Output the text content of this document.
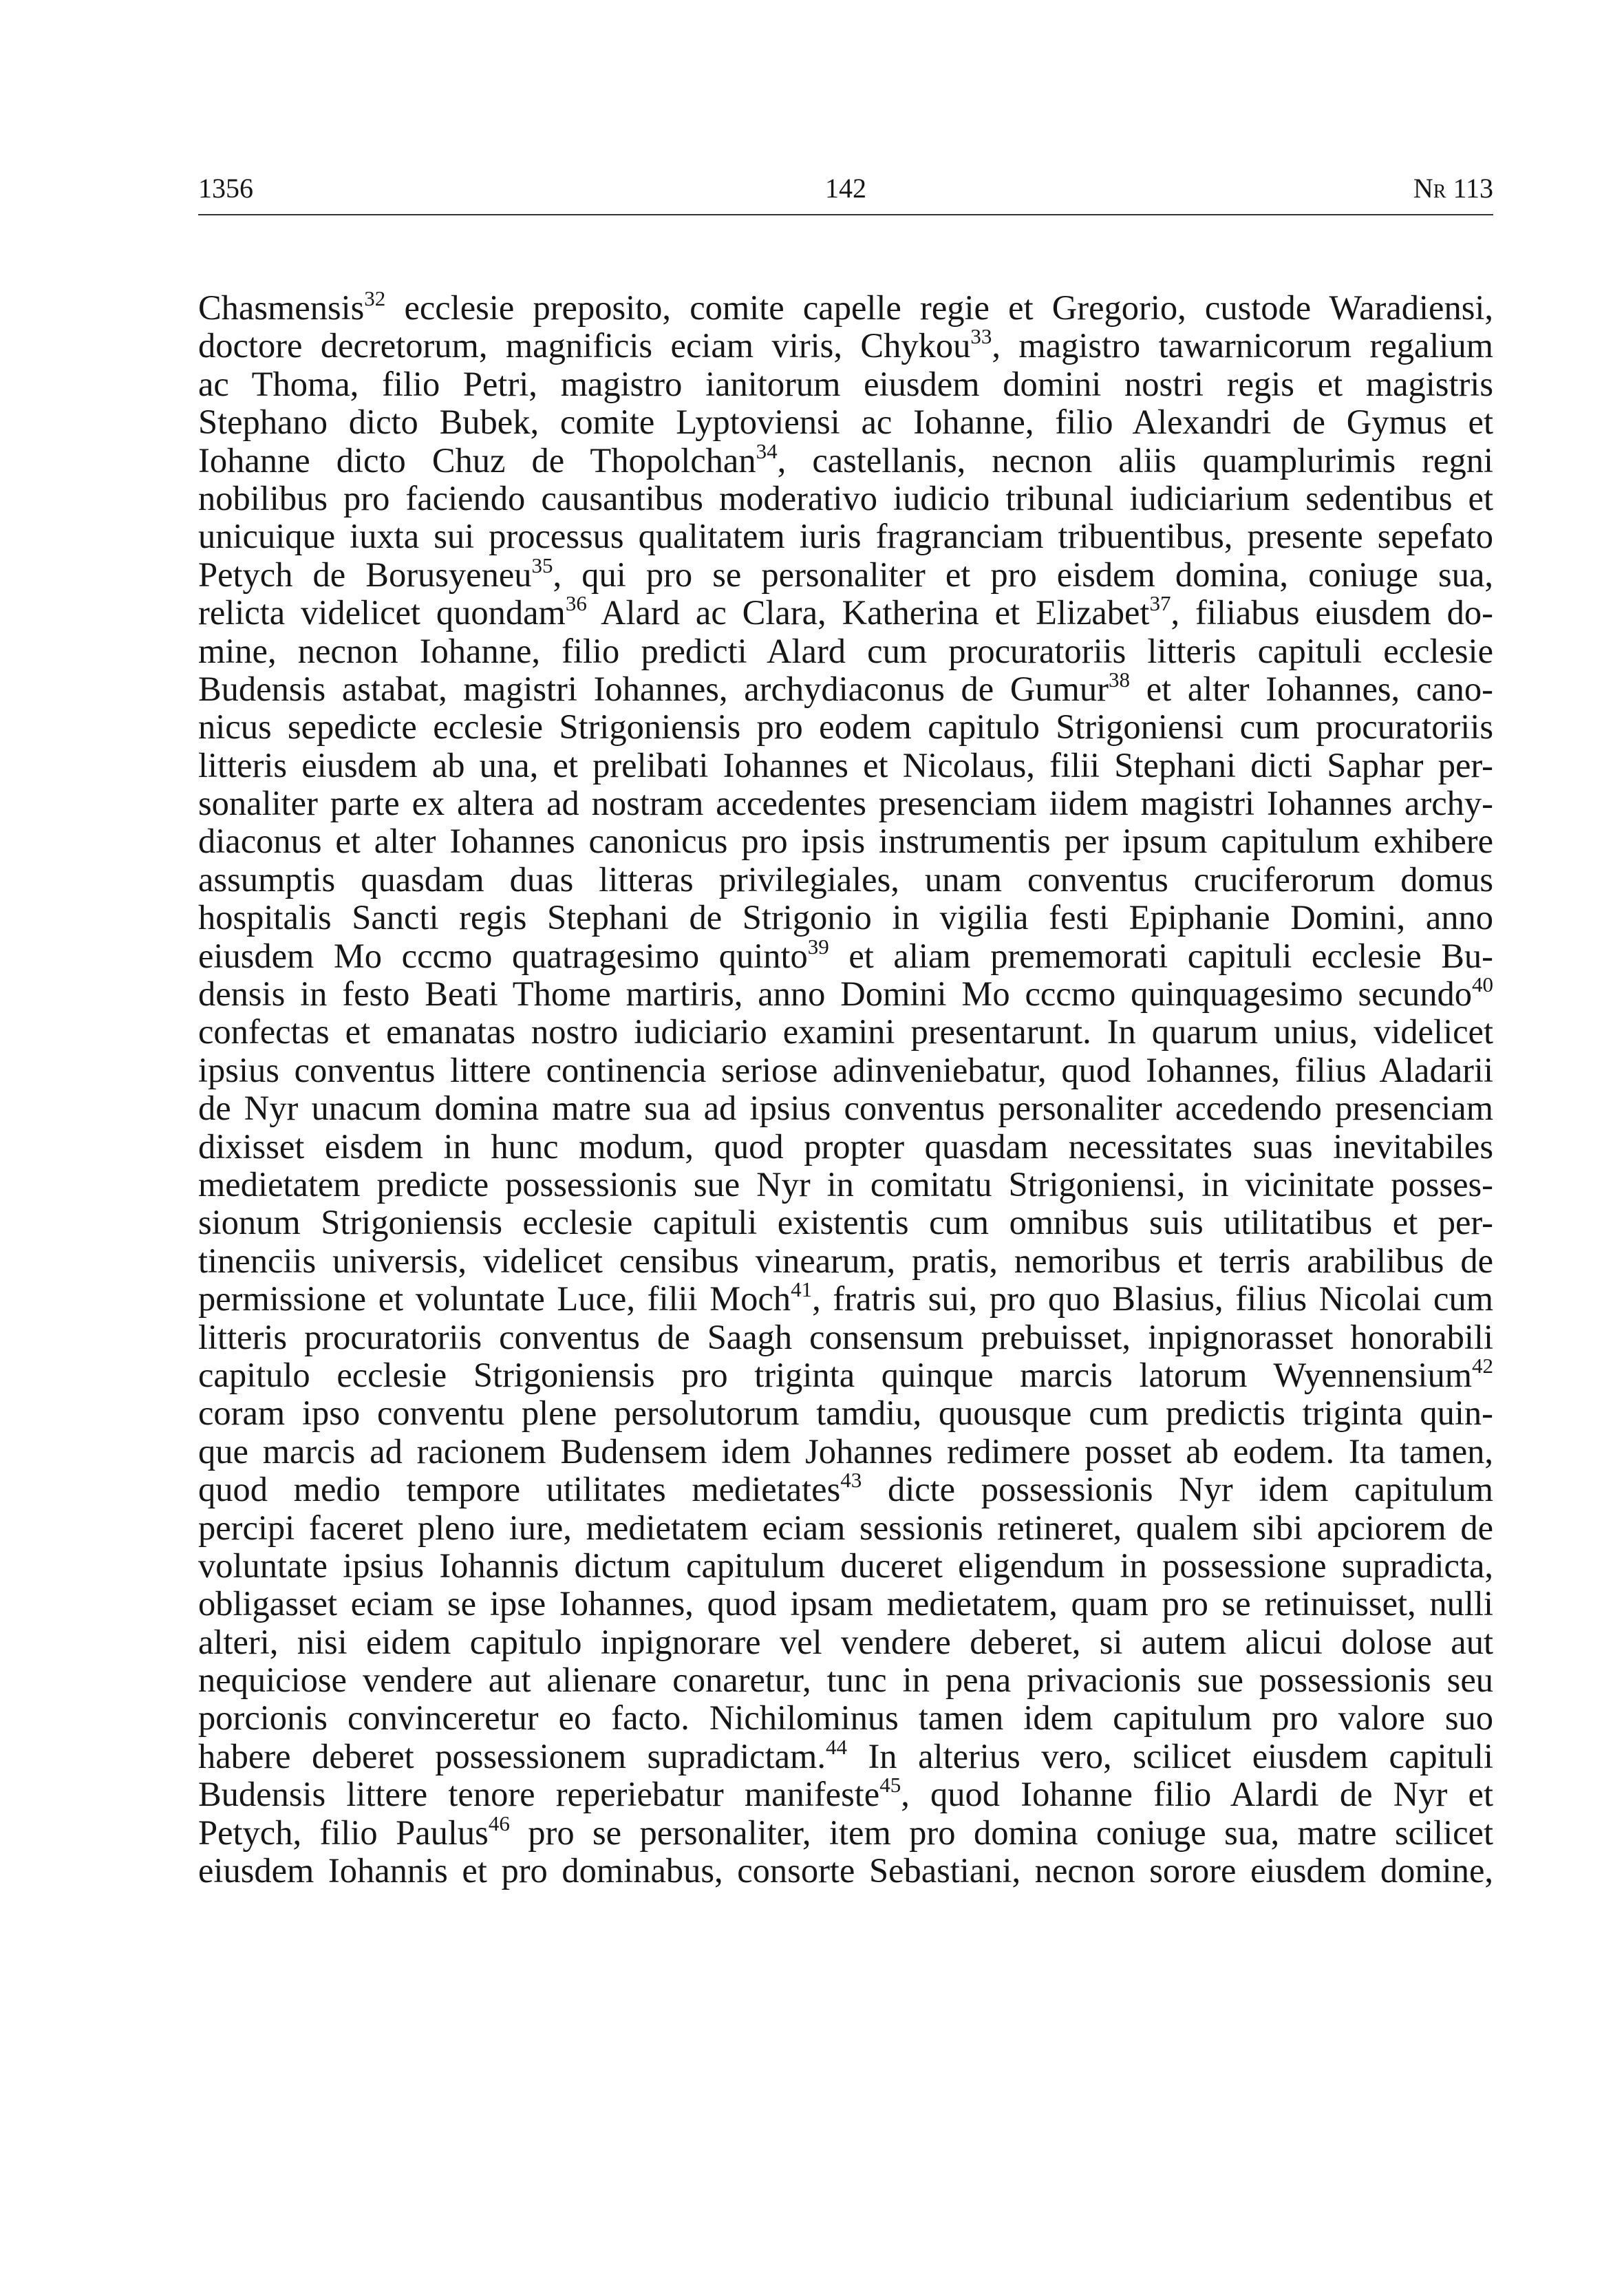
1356	142	Nr 113
Chasmensis$^{32}$ ecclesie preposito, comite capelle regie et Gregorio, custode Waradiensi,
doctore decretorum, magnificis eciam viris, Chykou$^{33}$, magistro tawarnicorum regalium
ac Thoma, filio Petri, magistro ianitorum eiusdem domini nostri regis et magistris
Stephano dicto Bubek, comite Lyptoviensi ac Iohanne, filio Alexandri de Gymus et
Iohanne dicto Chuz de Thopolchan$^{34}$, castellanis, necnon aliis quamplurimis regni
nobilibus pro faciendo causantibus moderativo iudicio tribunal iudiciarium sedentibus et
unicuique iuxta sui processus qualitatem iuris fragranciam tribuentibus, presente sepefato
Petych de Borusyeneu$^{35}$, qui pro se personaliter et pro eisdem domina, coniuge sua,
relicta videlicet quondam$^{36}$ Alard ac Clara, Katherina et Elizabet$^{37}$, filiabus eiusdem do-
mine, necnon Iohanne, filio predicti Alard cum procuratoriis litteris capituli ecclesie
Budensis astabat, magistri Iohannes, archydiaconus de Gumur$^{38}$ et alter Iohannes, cano-
nicus sepedicte ecclesie Strigoniensis pro eodem capitulo Strigoniensi cum procuratoriis
litteris eiusdem ab una, et prelibati Iohannes et Nicolaus, filii Stephani dicti Saphar per-
sonaliter parte ex altera ad nostram accedentes presenciam iidem magistri Iohannes archy-
diaconus et alter Iohannes canonicus pro ipsis instrumentis per ipsum capitulum exhibere
assumptis quasdam duas litteras privilegiales, unam conventus cruciferorum domus
hospitalis Sancti regis Stephani de Strigonio in vigilia festi Epiphanie Domini, anno
eiusdem Mo cccmo quatragesimo quinto$^{39}$ et aliam prememorati capituli ecclesie Bu-
densis in festo Beati Thome martiris, anno Domini Mo cccmo quinquagesimo secundo$^{40}$
confectas et emanatas nostro iudiciario examini presentarunt. In quarum unius, videlicet
ipsius conventus littere continencia seriose adinveniebatur, quod Iohannes, filius Aladarii
de Nyr unacum domina matre sua ad ipsius conventus personaliter accedendo presenciam
dixisset eisdem in hunc modum, quod propter quasdam necessitates suas inevitabiles
medietatem predicte possessionis sue Nyr in comitatu Strigoniensi, in vicinitate posses-
sionum Strigoniensis ecclesie capituli existentis cum omnibus suis utilitatibus et per-
tinenciis universis, videlicet censibus vinearum, pratis, nemoribus et terris arabilibus de
permissione et voluntate Luce, filii Moch$^{41}$, fratris sui, pro quo Blasius, filius Nicolai cum
litteris procuratoriis conventus de Saagh consensum prebuisset, inpignorasset honorabili
capitulo ecclesie Strigoniensis pro triginta quinque marcis latorum Wyennensium$^{42}$
coram ipso conventu plene persolutorum tamdiu, quousque cum predictis triginta quin-
que marcis ad racionem Budensem idem Johannes redimere posset ab eodem. Ita tamen,
quod medio tempore utilitates medietates$^{43}$ dicte possessionis Nyr idem capitulum
percipi faceret pleno iure, medietatem eciam sessionis retineret, qualem sibi apciorem de
voluntate ipsius Iohannis dictum capitulum duceret eligendum in possessione supradicta,
obligasset eciam se ipse Iohannes, quod ipsam medietatem, quam pro se retinuisset, nulli
alteri, nisi eidem capitulo inpignorare vel vendere deberet, si autem alicui dolose aut
nequiciose vendere aut alienare conaretur, tunc in pena privacionis sue possessionis seu
porcionis convinceretur eo facto. Nichilominus tamen idem capitulum pro valore suo
habere deberet possessionem supradictam.$^{44}$ In alterius vero, scilicet eiusdem capituli
Budensis littere tenore reperiebatur manifeste$^{45}$, quod Iohanne filio Alardi de Nyr et
Petych, filio Paulus$^{46}$ pro se personaliter, item pro domina coniuge sua, matre scilicet
eiusdem Iohannis et pro dominabus, consorte Sebastiani, necnon sorore eiusdem domine,
